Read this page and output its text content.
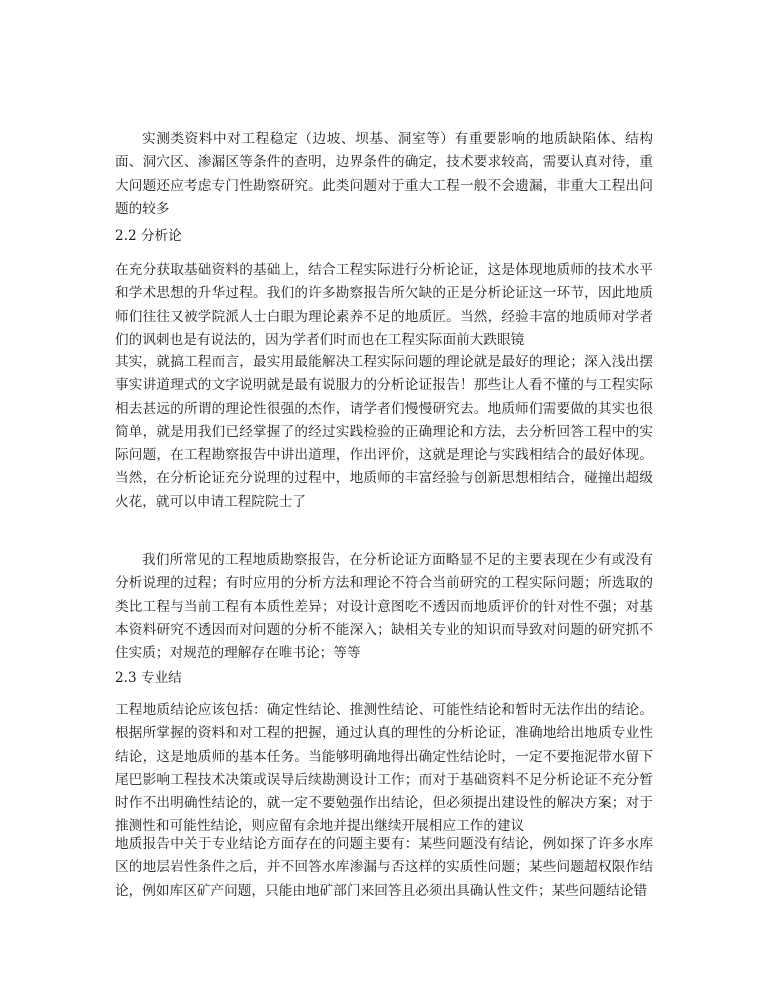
实测类资料中对工程稳定（边坡、坝基、洞室等）有重要影响的地质缺陷体、结构面、洞穴区、渗漏区等条件的查明，边界条件的确定，技术要求较高，需要认真对待，重大问题还应考虑专门性勘察研究。此类问题对于重大工程一般不会遗漏，非重大工程出问题的较多

2.2 分析论

在充分获取基础资料的基础上，结合工程实际进行分析论证，这是体现地质师的技术水平和学术思想的升华过程。我们的许多勘察报告所欠缺的正是分析论证这一环节，因此地质师们往往又被学院派人士白眼为理论素养不足的地质匠。当然，经验丰富的地质师对学者们的讽刺也是有说法的，因为学者们时而也在工程实际面前大跌眼镜

其实，就搞工程而言，最实用最能解决工程实际问题的理论就是最好的理论；深入浅出摆事实讲道理式的文字说明就是最有说服力的分析论证报告！那些让人看不懂的与工程实际相去甚远的所谓的理论性很强的杰作，请学者们慢慢研究去。地质师们需要做的其实也很简单，就是用我们已经掌握了的经过实践检验的正确理论和方法，去分析回答工程中的实际问题，在工程勘察报告中讲出道理，作出评价，这就是理论与实践相结合的最好体现。当然，在分析论证充分说理的过程中，地质师的丰富经验与创新思想相结合，碰撞出超级火花，就可以申请工程院院士了

我们所常见的工程地质勘察报告，在分析论证方面略显不足的主要表现在少有或没有分析说理的过程；有时应用的分析方法和理论不符合当前研究的工程实际问题；所选取的类比工程与当前工程有本质性差异；对设计意图吃不透因而地质评价的针对性不强；对基本资料研究不透因而对问题的分析不能深入；缺相关专业的知识而导致对问题的研究抓不住实质；对规范的理解存在唯书论；等等

2.3 专业结

工程地质结论应该包括：确定性结论、推测性结论、可能性结论和暂时无法作出的结论。根据所掌握的资料和对工程的把握，通过认真的理性的分析论证，准确地给出地质专业性结论，这是地质师的基本任务。当能够明确地得出确定性结论时，一定不要拖泥带水留下尾巴影响工程技术决策或误导后续勘测设计工作；而对于基础资料不足分析论证不充分暂时作不出明确性结论的，就一定不要勉强作出结论，但必须提出建设性的解决方案；对于推测性和可能性结论，则应留有余地并提出继续开展相应工作的建议

地质报告中关于专业结论方面存在的问题主要有：某些问题没有结论，例如探了许多水库区的地层岩性条件之后，并不回答水库渗漏与否这样的实质性问题；某些问题超权限作结论，例如库区矿产问题，只能由地矿部门来回答且必须出具确认性文件；某些问题结论错
